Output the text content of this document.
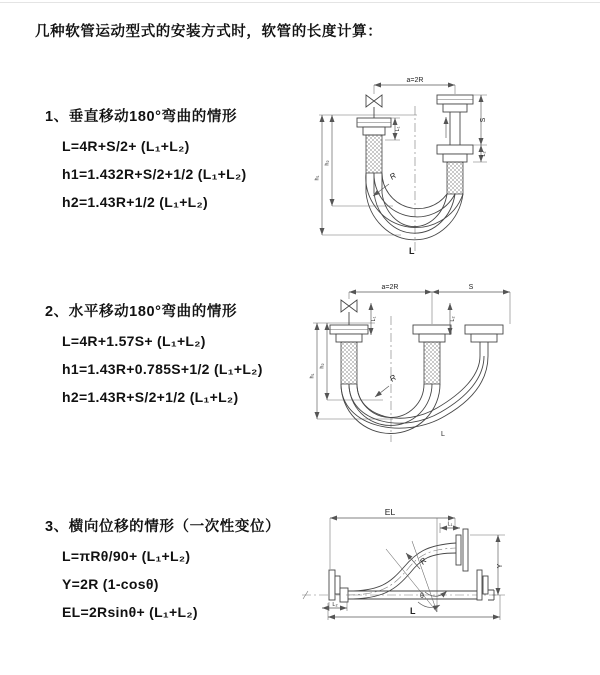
几种软管运动型式的安装方式时，软管的长度计算：
1、垂直移动180°弯曲的情形
L=4R+S/2+ (L₁+L₂)
h1=1.432R+S/2+1/2 (L₁+L₂)
h2=1.43R+1/2 (L₁+L₂)
2、水平移动180°弯曲的情形
L=4R+1.57S+ (L₁+L₂)
h1=1.43R+0.785S+1/2 (L₁+L₂)
h2=1.43R+S/2+1/2 (L₁+L₂)
3、横向位移的情形（一次性变位）
L=πRθ/90+ (L₁+L₂)
Y=2R (1-cosθ)
EL=2Rsinθ+ (L₁+L₂)
a=2R
L₁
S
L₂
h₁
h₂
R
L
a=2R	S
L₁	L₂
h₁
h₂
R
L
EL
L₁
Y
L₂
R
θ
L
